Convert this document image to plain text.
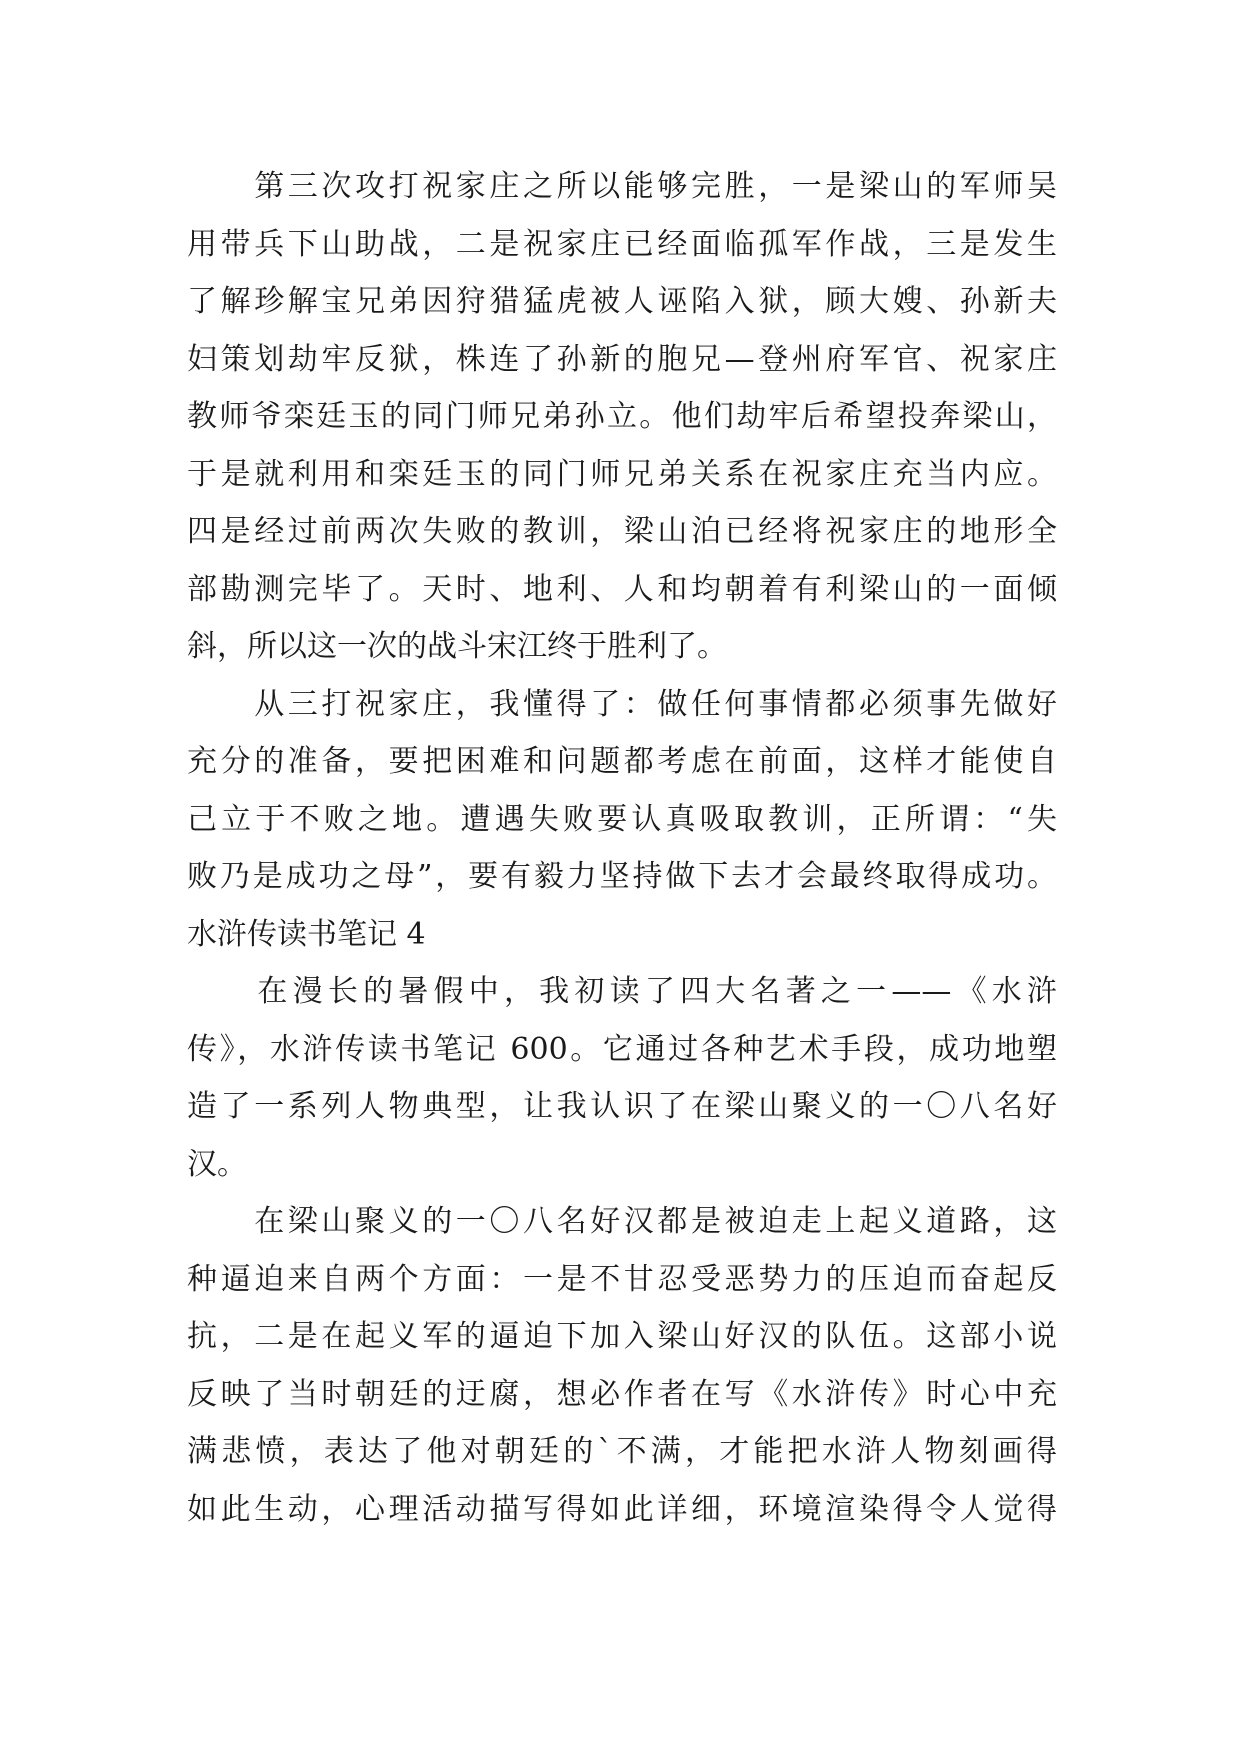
　　第三次攻打祝家庄之所以能够完胜，一是梁山的军师吴
用带兵下山助战，二是祝家庄已经面临孤军作战，三是发生
了解珍解宝兄弟因狩猎猛虎被人诬陷入狱，顾大嫂、孙新夫
妇策划劫牢反狱，株连了孙新的胞兄—登州府军官、祝家庄
教师爷栾廷玉的同门师兄弟孙立。他们劫牢后希望投奔梁山，
于是就利用和栾廷玉的同门师兄弟关系在祝家庄充当内应。
四是经过前两次失败的教训，梁山泊已经将祝家庄的地形全
部勘测完毕了。天时、地利、人和均朝着有利梁山的一面倾
斜，所以这一次的战斗宋江终于胜利了。
　　从三打祝家庄，我懂得了：做任何事情都必须事先做好
充分的准备，要把困难和问题都考虑在前面，这样才能使自
己立于不败之地。遭遇失败要认真吸取教训，正所谓：“失
败乃是成功之母”，要有毅力坚持做下去才会最终取得成功。
水浒传读书笔记 4
　　在漫长的暑假中，我初读了四大名著之一——《水浒
传》，水浒传读书笔记 600。它通过各种艺术手段，成功地塑
造了一系列人物典型，让我认识了在梁山聚义的一〇八名好
汉。
　　在梁山聚义的一〇八名好汉都是被迫走上起义道路，这
种逼迫来自两个方面：一是不甘忍受恶势力的压迫而奋起反
抗，二是在起义军的逼迫下加入梁山好汉的队伍。这部小说
反映了当时朝廷的迂腐，想必作者在写《水浒传》时心中充
满悲愤，表达了他对朝廷的`不满，才能把水浒人物刻画得
如此生动，心理活动描写得如此详细，环境渲染得令人觉得
